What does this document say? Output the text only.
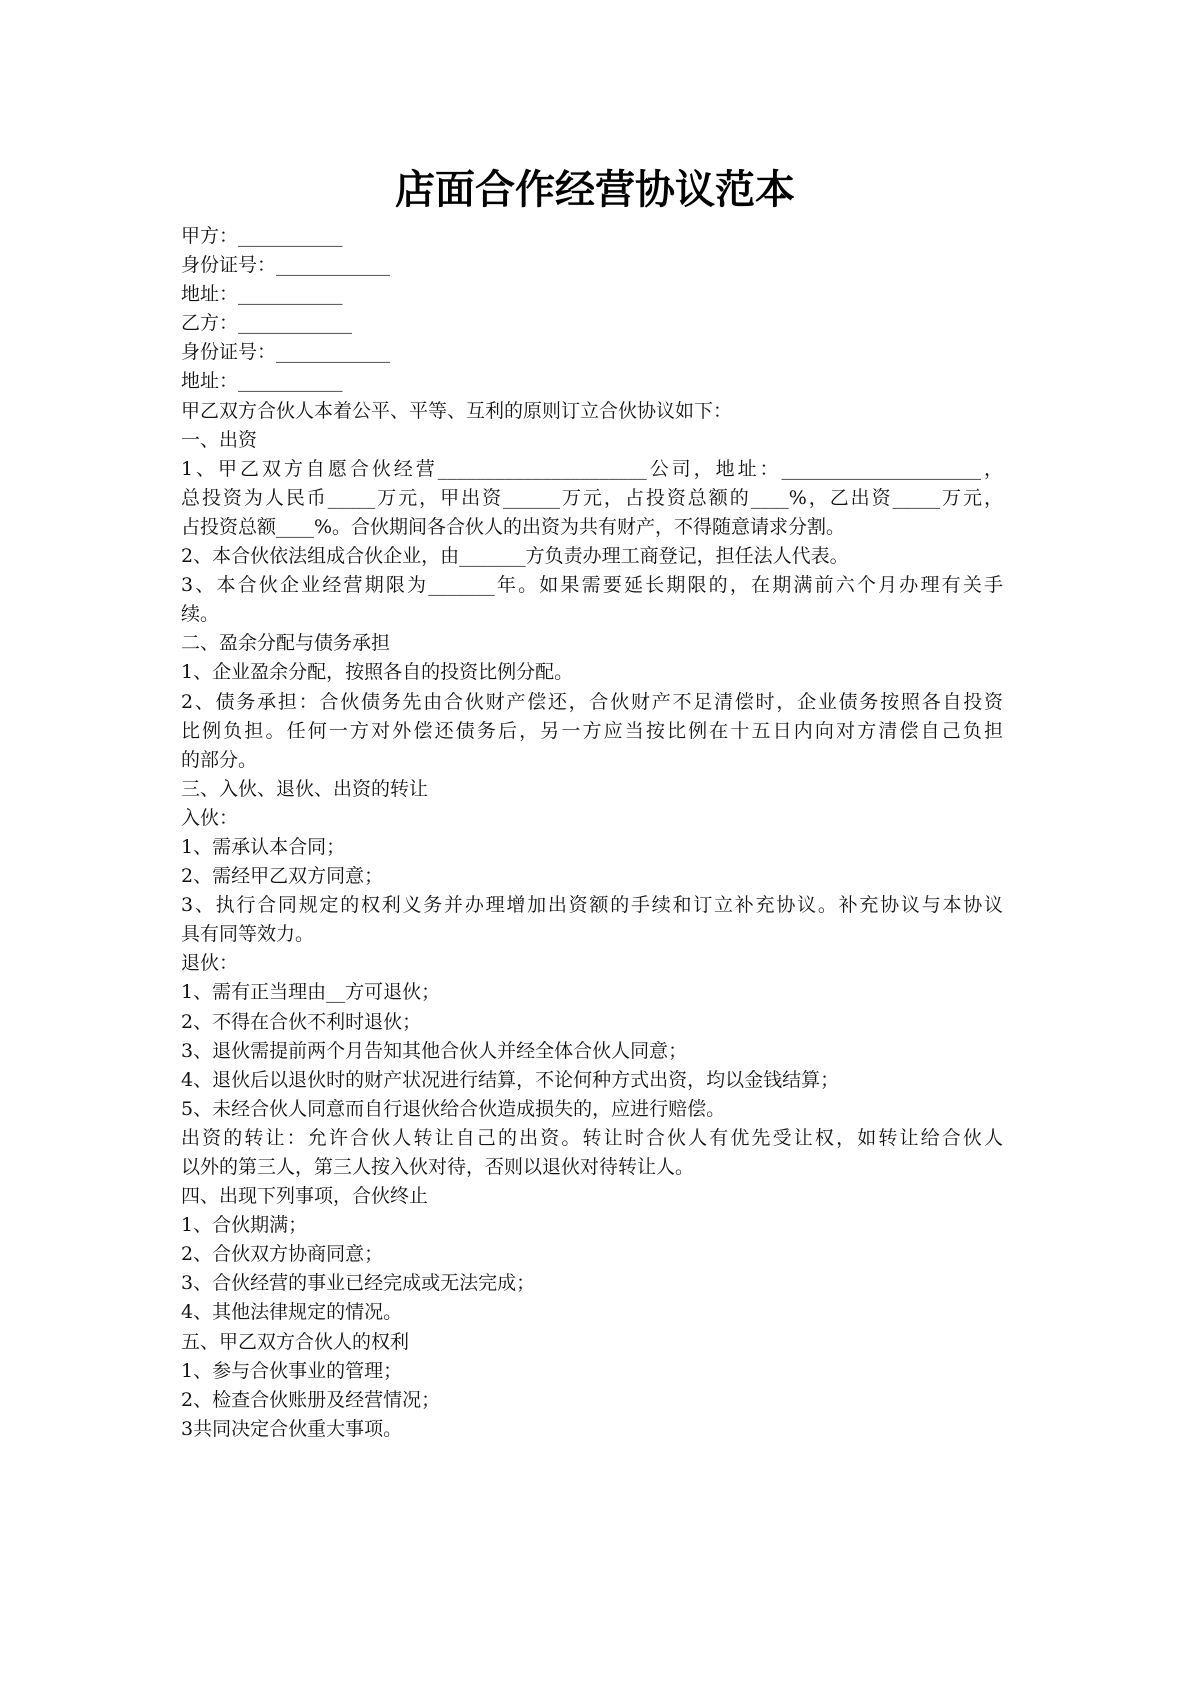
店面合作经营协议范本
甲方：___________
身份证号：____________
地址：___________
乙方：____________
身份证号：____________
地址：___________
甲乙双方合伙人本着公平、平等、互利的原则订立合伙协议如下：
一、出资
1、甲乙双方自愿合伙经营______________________公司，地址：_____________________，
总投资为人民币_____万元，甲出资______万元，占投资总额的____%，乙出资_____万元，
占投资总额____%。合伙期间各合伙人的出资为共有财产，不得随意请求分割。
2、本合伙依法组成合伙企业，由_______方负责办理工商登记，担任法人代表。
3、本合伙企业经营期限为_______年。如果需要延长期限的，在期满前六个月办理有关手
续。
二、盈余分配与债务承担
1、企业盈余分配，按照各自的投资比例分配。
2、债务承担：合伙债务先由合伙财产偿还，合伙财产不足清偿时，企业债务按照各自投资
比例负担。任何一方对外偿还债务后，另一方应当按比例在十五日内向对方清偿自己负担
的部分。
三、入伙、退伙、出资的转让
入伙：
1、需承认本合同；
2、需经甲乙双方同意；
3、执行合同规定的权利义务并办理增加出资额的手续和订立补充协议。补充协议与本协议
具有同等效力。
退伙：
1、需有正当理由__方可退伙；
2、不得在合伙不利时退伙；
3、退伙需提前两个月告知其他合伙人并经全体合伙人同意；
4、退伙后以退伙时的财产状况进行结算，不论何种方式出资，均以金钱结算；
5、未经合伙人同意而自行退伙给合伙造成损失的，应进行赔偿。
出资的转让：允许合伙人转让自己的出资。转让时合伙人有优先受让权，如转让给合伙人
以外的第三人，第三人按入伙对待，否则以退伙对待转让人。
四、出现下列事项，合伙终止
1、合伙期满；
2、合伙双方协商同意；
3、合伙经营的事业已经完成或无法完成；
4、其他法律规定的情况。
五、甲乙双方合伙人的权利
1、参与合伙事业的管理；
2、检查合伙账册及经营情况；
3共同决定合伙重大事项。
